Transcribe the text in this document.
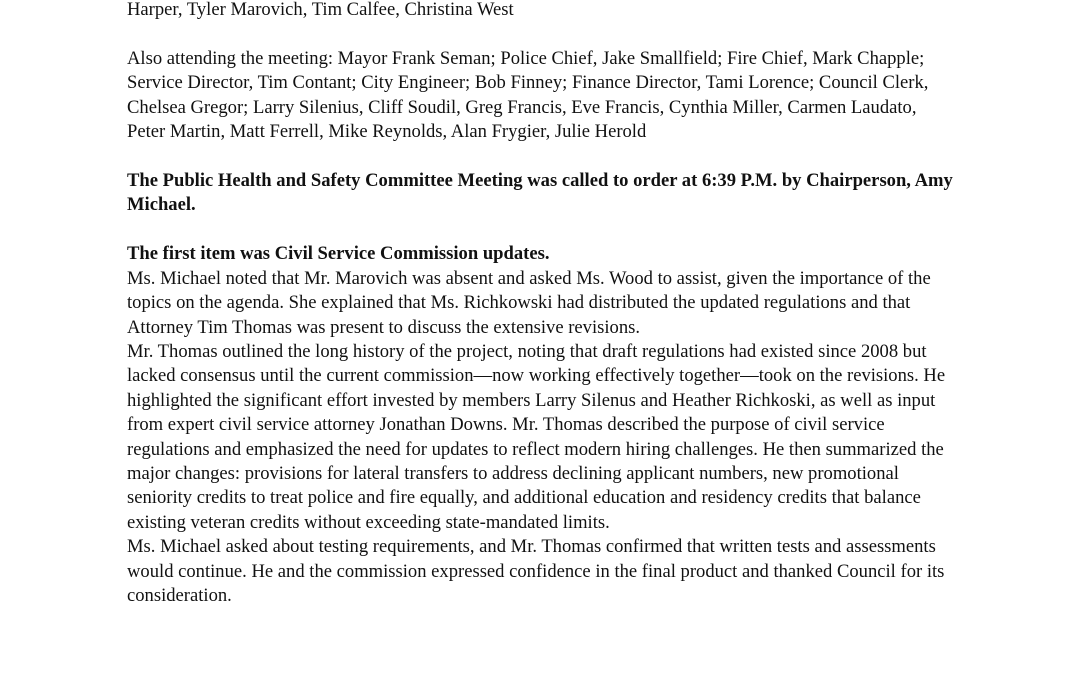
Harper, Tyler Marovich, Tim Calfee, Christina West

Also attending the meeting: Mayor Frank Seman; Police Chief, Jake Smallfield; Fire Chief, Mark Chapple; Service Director, Tim Contant; City Engineer; Bob Finney; Finance Director, Tami Lorence; Council Clerk, Chelsea Gregor; Larry Silenius, Cliff Soudil, Greg Francis, Eve Francis, Cynthia Miller, Carmen Laudato, Peter Martin, Matt Ferrell, Mike Reynolds, Alan Frygier, Julie Herold

The Public Health and Safety Committee Meeting was called to order at 6:39 P.M. by Chairperson, Amy Michael.

The first item was Civil Service Commission updates.

Ms. Michael noted that Mr. Marovich was absent and asked Ms. Wood to assist, given the importance of the topics on the agenda. She explained that Ms. Richkowski had distributed the updated regulations and that Attorney Tim Thomas was present to discuss the extensive revisions.

Mr. Thomas outlined the long history of the project, noting that draft regulations had existed since 2008 but lacked consensus until the current commission—now working effectively together—took on the revisions. He highlighted the significant effort invested by members Larry Silenus and Heather Richkoski, as well as input from expert civil service attorney Jonathan Downs. Mr. Thomas described the purpose of civil service regulations and emphasized the need for updates to reflect modern hiring challenges. He then summarized the major changes: provisions for lateral transfers to address declining applicant numbers, new promotional seniority credits to treat police and fire equally, and additional education and residency credits that balance existing veteran credits without exceeding state-mandated limits.

Ms. Michael asked about testing requirements, and Mr. Thomas confirmed that written tests and assessments would continue. He and the commission expressed confidence in the final product and thanked Council for its consideration.
